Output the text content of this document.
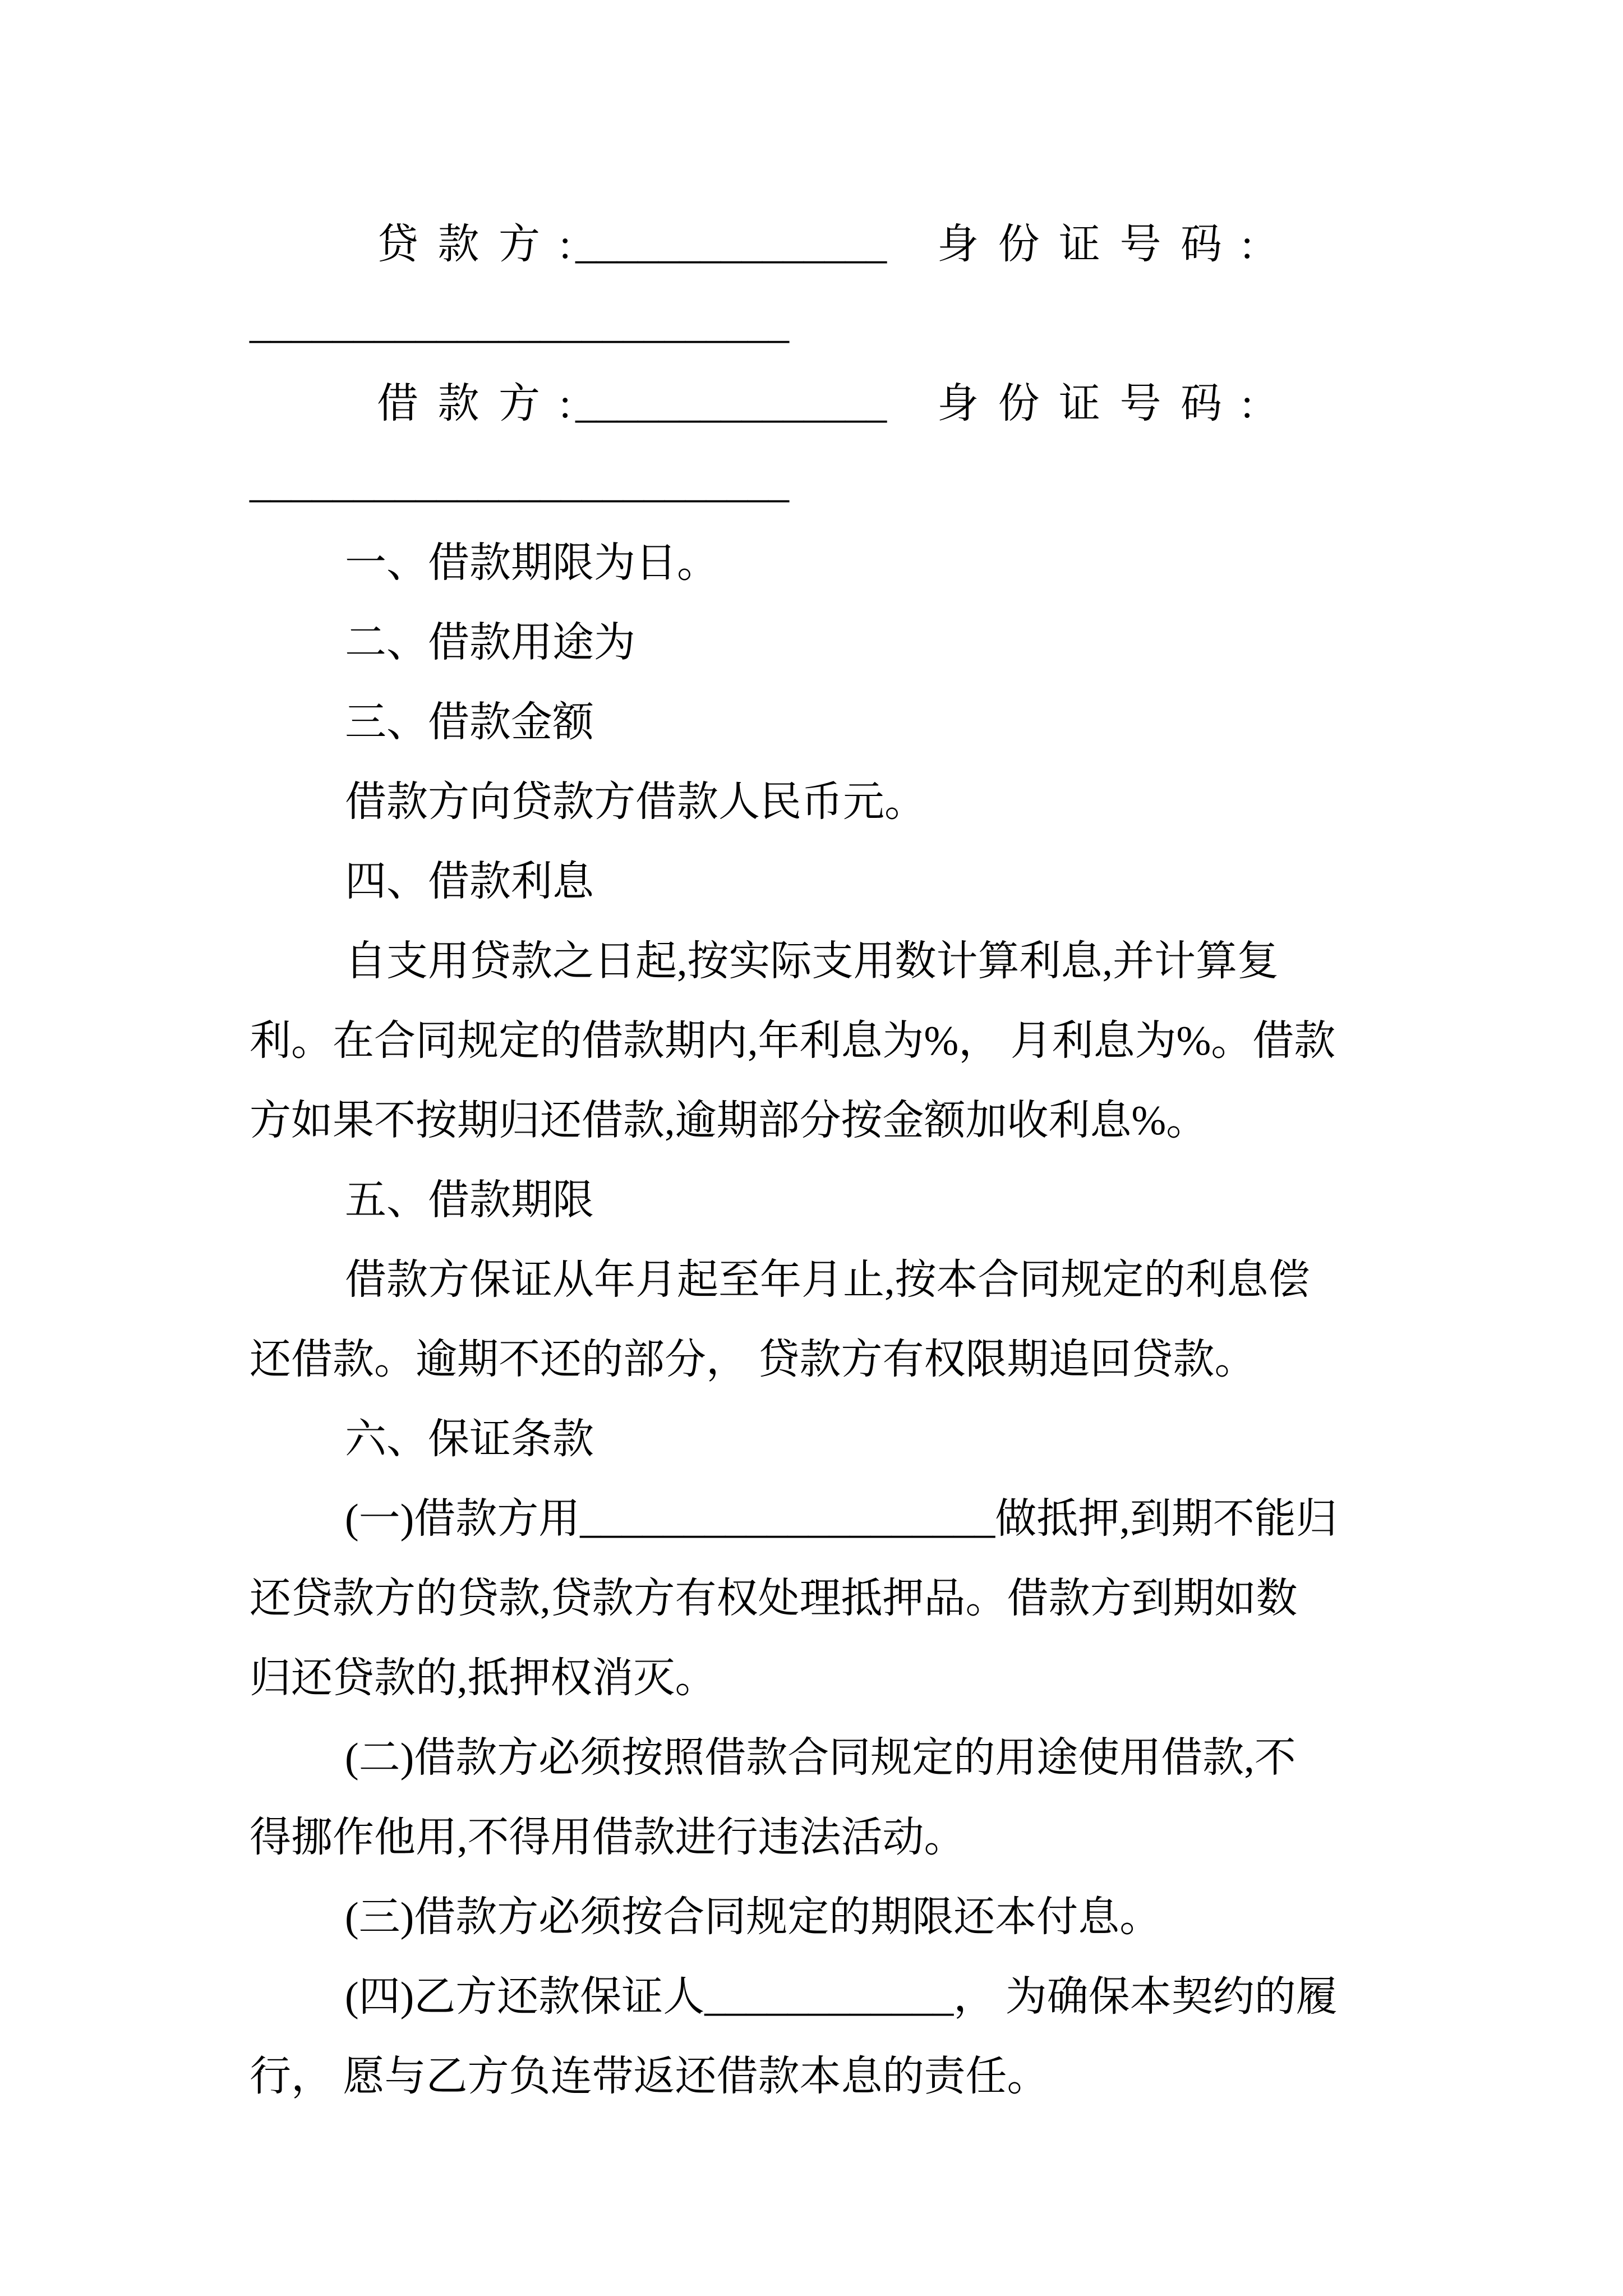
贷 款 方 :_______________ 身 份 证 号 码 :
__________________________
借 款 方 :_______________ 身 份 证 号 码 :
__________________________
一、借款期限为日。
二、借款用途为
三、借款金额
借款方向贷款方借款人民币元。
四、借款利息
自支用贷款之日起,按实际支用数计算利息,并计算复
利。在合同规定的借款期内,年利息为%， 月利息为%。借款
方如果不按期归还借款,逾期部分按金额加收利息%。
五、借款期限
借款方保证从年月起至年月止,按本合同规定的利息偿
还借款。逾期不还的部分， 贷款方有权限期追回贷款。
六、保证条款
(一)借款方用____________________做抵押,到期不能归
还贷款方的贷款,贷款方有权处理抵押品。借款方到期如数
归还贷款的,抵押权消灭。
(二)借款方必须按照借款合同规定的用途使用借款,不
得挪作他用,不得用借款进行违法活动。
(三)借款方必须按合同规定的期限还本付息。
(四)乙方还款保证人____________， 为确保本契约的履
行， 愿与乙方负连带返还借款本息的责任。
